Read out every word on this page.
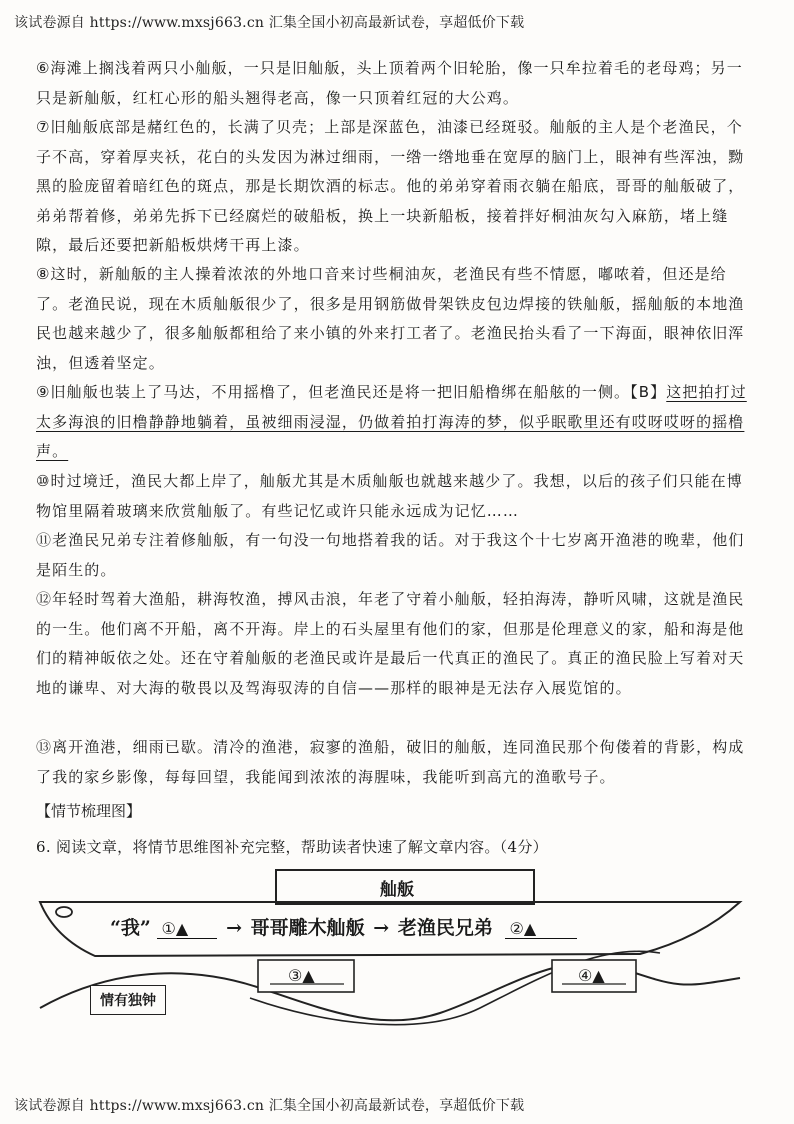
该试卷源自 https://www.mxsj663.cn 汇集全国小初高最新试卷，享超低价下载
⑥海滩上搁浅着两只小舢舨，一只是旧舢舨，头上顶着两个旧轮胎，像一只牟拉着毛的老母鸡；另一只是新舢舨，红杠心形的船头翘得老高，像一只顶着红冠的大公鸡。
⑦旧舢舨底部是赭红色的，长满了贝壳；上部是深蓝色，油漆已经斑驳。舢舨的主人是个老渔民，个子不高，穿着厚夹袄，花白的头发因为淋过细雨，一绺一绺地垂在宽厚的脑门上，眼神有些浑浊，黝黑的脸庞留着暗红色的斑点，那是长期饮酒的标志。他的弟弟穿着雨衣躺在船底，哥哥的舢舨破了，弟弟帮着修，弟弟先拆下已经腐烂的破船板，换上一块新船板，接着拌好桐油灰勾入麻筋，堵上缝隙，最后还要把新船板烘烤干再上漆。
⑧这时，新舢舨的主人操着浓浓的外地口音来讨些桐油灰，老渔民有些不情愿，嘟哝着，但还是给了。老渔民说，现在木质舢舨很少了，很多是用钢筋做骨架铁皮包边焊接的铁舢舨，摇舢舨的本地渔民也越来越少了，很多舢舨都租给了来小镇的外来打工者了。老渔民抬头看了一下海面，眼神依旧浑浊，但透着坚定。
⑨旧舢舨也装上了马达，不用摇橹了，但老渔民还是将一把旧船橹绑在船舷的一侧。【B】这把拍打过太多海浪的旧橹静静地躺着，虽被细雨浸湿，仍做着拍打海涛的梦，似乎眠歌里还有哎呀哎呀的摇橹声。
⑩时过境迁，渔民大都上岸了，舢舨尤其是木质舢舨也就越来越少了。我想，以后的孩子们只能在博物馆里隔着玻璃来欣赏舢舨了。有些记忆或许只能永远成为记忆……
⑪老渔民兄弟专注着修舢舨，有一句没一句地搭着我的话。对于我这个十七岁离开渔港的晚辈，他们是陌生的。
⑫年轻时驾着大渔船，耕海牧渔，搏风击浪，年老了守着小舢舨，轻拍海涛，静听风啸，这就是渔民的一生。他们离不开船，离不开海。岸上的石头屋里有他们的家，但那是伦理意义的家，船和海是他们的精神皈依之处。还在守着舢舨的老渔民或许是最后一代真正的渔民了。真正的渔民脸上写着对天地的谦卑、对大海的敬畏以及驾海驭涛的自信——那样的眼神是无法存入展览馆的。
⑬离开渔港，细雨已歇。清冷的渔港，寂寥的渔船，破旧的舢舨，连同渔民那个佝偻着的背影，构成了我的家乡影像，每每回望，我能闻到浓浓的海腥味，我能听到高亢的渔歌号子。
【情节梳理图】
6. 阅读文章，将情节思维图补充完整，帮助读者快速了解文章内容。（4分）
舢舨
“我” ①▲ → 哥哥雕木舢舨 → 老渔民兄弟 ②▲
③▲	④▲
情有独钟
该试卷源自 https://www.mxsj663.cn 汇集全国小初高最新试卷，享超低价下载
